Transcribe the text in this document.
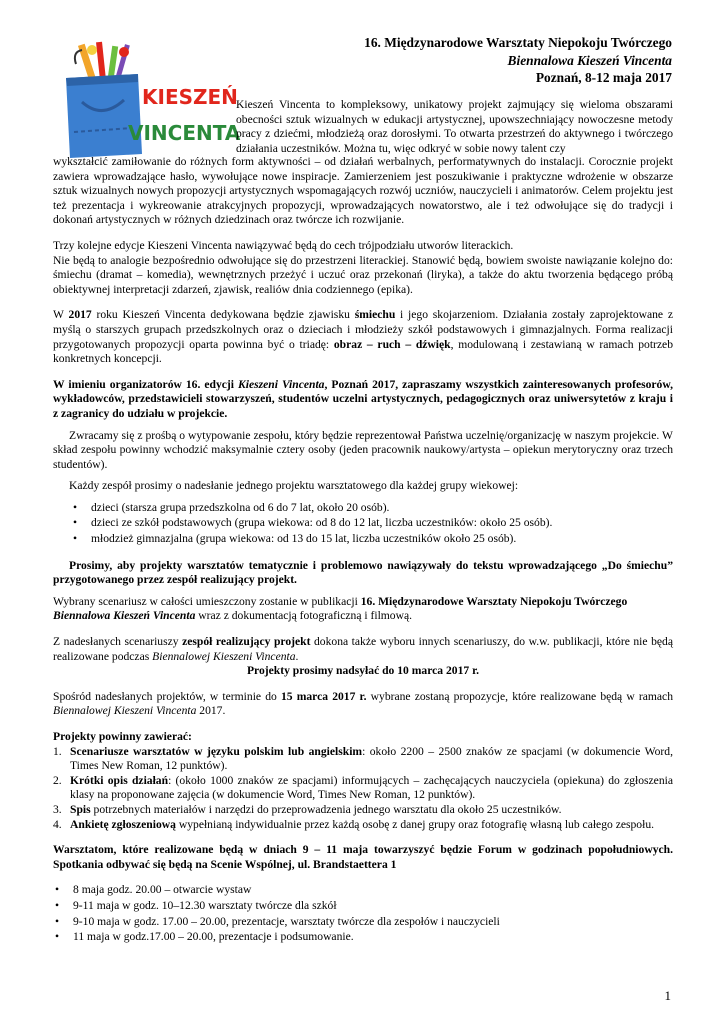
KIESZEŃ
VINCENTA
16. Międzynarodowe Warsztaty Niepokoju Twórczego
Biennalowa Kieszeń Vincenta
Poznań, 8-12 maja 2017
Kieszeń Vincenta to kompleksowy, unikatowy projekt zajmujący się wieloma obszarami obecności sztuk wizualnych w edukacji artystycznej, upowszechniający nowoczesne metody pracy z dziećmi, młodzieżą oraz dorosłymi. To otwarta przestrzeń do aktywnego i twórczego działania uczestników. Można tu, więc odkryć w sobie nowy talent czy

wykształcić zamiłowanie do różnych form aktywności – od działań werbalnych, performatywnych do instalacji. Corocznie projekt zawiera wprowadzające hasło, wywołujące nowe inspiracje. Zamierzeniem jest poszukiwanie i praktyczne wdrożenie w obszarze sztuk wizualnych nowych propozycji artystycznych wspomagających rozwój uczniów, nauczycieli i animatorów. Celem projektu jest też prezentacja i wykreowanie atrakcyjnych propozycji, wprowadzających nowatorstwo, ale i też odwołujące się do tradycji i dokonań artystycznych w różnych dziedzinach oraz twórcze ich rozwijanie.

Trzy kolejne edycje Kieszeni Vincenta nawiązywać będą do cech trójpodziału utworów literackich.
Nie będą to analogie bezpośrednio odwołujące się do przestrzeni literackiej. Stanowić będą, bowiem swoiste nawiązanie kolejno do: śmiechu (dramat – komedia), wewnętrznych przeżyć i uczuć oraz przekonań (liryka), a także do aktu tworzenia będącego próbą obiektywnej interpretacji zdarzeń, zjawisk, realiów dnia codziennego (epika).

W 2017 roku Kieszeń Vincenta dedykowana będzie zjawisku śmiechu i jego skojarzeniom. Działania zostały zaprojektowane z myślą o starszych grupach przedszkolnych oraz o dzieciach i młodzieży szkół podstawowych i gimnazjalnych. Forma realizacji przygotowanych propozycji oparta powinna być o triadę: obraz – ruch – dźwięk, modulowaną i zestawianą w ramach potrzeb konkretnych koncepcji.

W imieniu organizatorów 16. edycji Kieszeni Vincenta, Poznań 2017, zapraszamy wszystkich zainteresowanych profesorów, wykładowców, przedstawicieli stowarzyszeń, studentów uczelni artystycznych, pedagogicznych oraz uniwersytetów z kraju i z zagranicy do udziału w projekcie.

Zwracamy się z prośbą o wytypowanie zespołu, który będzie reprezentował Państwa uczelnię/organizację w naszym projekcie. W skład zespołu powinny wchodzić maksymalnie cztery osoby (jeden pracownik naukowy/artysta – opiekun merytoryczny oraz trzech studentów).

Każdy zespół prosimy o nadesłanie jednego projektu warsztatowego dla każdej grupy wiekowej:

• dzieci (starsza grupa przedszkolna od 6 do 7 lat, około 20 osób).
• dzieci ze szkół podstawowych (grupa wiekowa: od 8 do 12 lat, liczba uczestników: około 25 osób).
• młodzież gimnazjalna (grupa wiekowa: od 13 do 15 lat, liczba uczestników około 25 osób).

Prosimy, aby projekty warsztatów tematycznie i problemowo nawiązywały do tekstu wprowadzającego „Do śmiechu” przygotowanego przez zespół realizujący projekt.

Wybrany scenariusz w całości umieszczony zostanie w publikacji 16. Międzynarodowe Warsztaty Niepokoju Twórczego
Biennalowa Kieszeń Vincenta wraz z dokumentacją fotograficzną i filmową.

Z nadesłanych scenariuszy zespół realizujący projekt dokona także wyboru innych scenariuszy, do w.w. publikacji, które nie będą realizowane podczas Biennalowej Kieszeni Vincenta.

Projekty prosimy nadsyłać do 10 marca 2017 r.

Spośród nadesłanych projektów, w terminie do 15 marca 2017 r. wybrane zostaną propozycje, które realizowane będą w ramach Biennalowej Kieszeni Vincenta 2017.

Projekty powinny zawierać:

1. Scenariusze warsztatów w języku polskim lub angielskim: około 2200 – 2500 znaków ze spacjami (w dokumencie Word, Times New Roman, 12 punktów).
2. Krótki opis działań: (około 1000 znaków ze spacjami) informujących – zachęcających nauczyciela (opiekuna) do zgłoszenia klasy na proponowane zajęcia (w dokumencie Word, Times New Roman, 12 punktów).
3. Spis potrzebnych materiałów i narzędzi do przeprowadzenia jednego warsztatu dla około 25 uczestników.
4. Ankietę zgłoszeniową wypełnianą indywidualnie przez każdą osobę z danej grupy oraz fotografię własną lub całego zespołu.

Warsztatom, które realizowane będą w dniach 9 – 11 maja towarzyszyć będzie Forum w godzinach popołudniowych. Spotkania odbywać się będą na Scenie Wspólnej, ul. Brandstaettera 1

• 8 maja godz. 20.00 – otwarcie wystaw
• 9-11 maja w godz. 10–12.30 warsztaty twórcze dla szkół
• 9-10 maja w godz. 17.00 – 20.00, prezentacje, warsztaty twórcze dla zespołów i nauczycieli
• 11 maja w godz.17.00 – 20.00, prezentacje i podsumowanie.
1
